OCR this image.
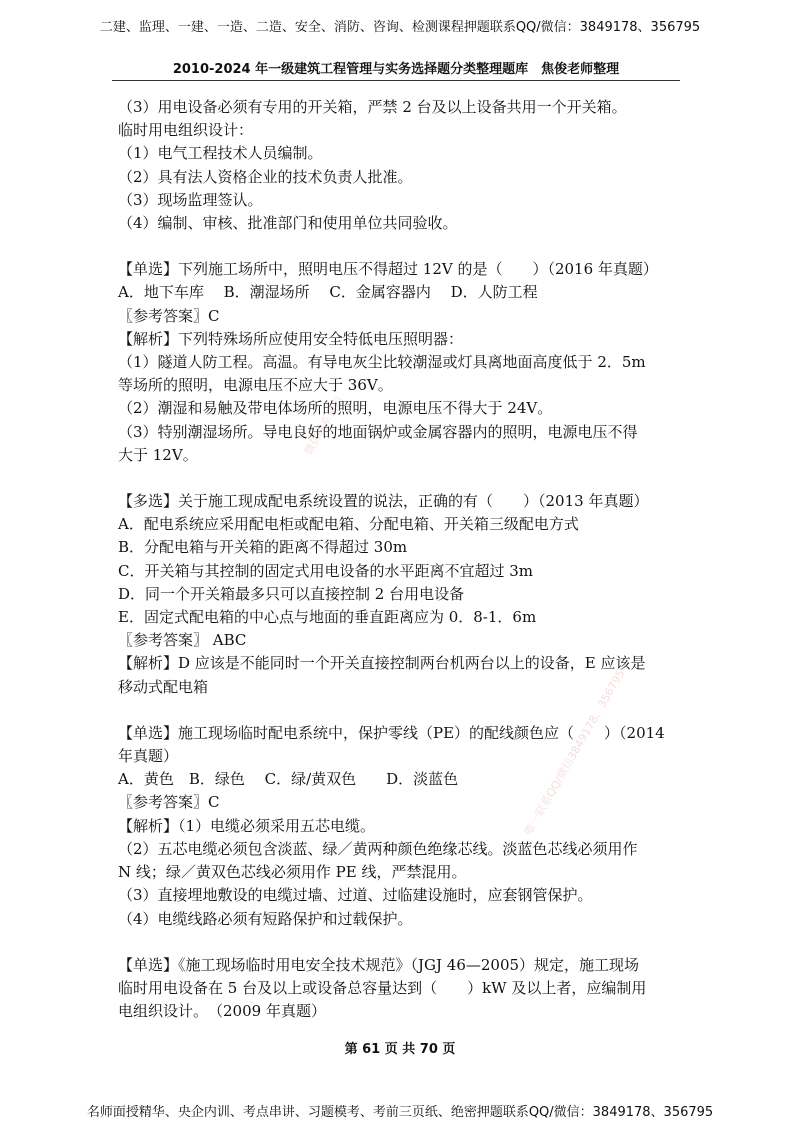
二建、监理、一建、一造、二造、安全、消防、咨询、检测课程押题联系QQ/微信：3849178、356795
2010-2024 年一级建筑工程管理与实务选择题分类整理题库　焦俊老师整理

（3）用电设备必须有专用的开关箱，严禁 2 台及以上设备共用一个开关箱。

临时用电组织设计：

（1）电气工程技术人员编制。

（2）具有法人资格企业的技术负责人批准。

（3）现场监理签认。

（4）编制、审核、批准部门和使用单位共同验收。

【单选】下列施工场所中，照明电压不得超过 12V 的是（　　）（2016 年真题）

A．地下车库　 B．潮湿场所　 C．金属容器内　 D．人防工程

〖参考答案〗C

【解析】下列特殊场所应使用安全特低电压照明器：

（1）隧道人防工程。高温。有导电灰尘比较潮湿或灯具离地面高度低于 2．5m

等场所的照明，电源电压不应大于 36V。

（2）潮湿和易触及带电体场所的照明，电源电压不得大于 24V。

（3）特别潮湿场所。导电良好的地面锅炉或金属容器内的照明，电源电压不得

大于 12V。

【多选】关于施工现成配电系统设置的说法，正确的有（　　）（2013 年真题）

A．配电系统应采用配电柜或配电箱、分配电箱、开关箱三级配电方式

B．分配电箱与开关箱的距离不得超过 30m

C．开关箱与其控制的固定式用电设备的水平距离不宜超过 3m

D．同一个开关箱最多只可以直接控制 2 台用电设备

E．固定式配电箱的中心点与地面的垂直距离应为 0．8-1．6m

〖参考答案〗 ABC

【解析】D 应该是不能同时一个开关直接控制两台机两台以上的设备，E 应该是

移动式配电箱

【单选】施工现场临时配电系统中，保护零线（PE）的配线颜色应（　　）（2014

年真题）

A．黄色　B．绿色　 C．绿/黄双色　　D．淡蓝色

〖参考答案〗C

【解析】（1）电缆必须采用五芯电缆。

（2）五芯电缆必须包含淡蓝、绿／黄两种颜色绝缘芯线。淡蓝色芯线必须用作

N 线；绿／黄双色芯线必须用作 PE 线，严禁混用。

（3）直接埋地敷设的电缆过墙、过道、过临建设施时，应套钢管保护。

（4）电缆线路必须有短路保护和过载保护。

【单选】《施工现场临时用电安全技术规范》（JGJ 46—2005）规定，施工现场

临时用电设备在 5 台及以上或设备总容量达到（　　）kW 及以上者，应编制用

电组织设计。　（2009 年真题）

微信联系微信
唯一联系QQ/微信3849178、356795
第 61 页 共 70 页
名师面授精华、央企内训、考点串讲、习题模考、考前三页纸、绝密押题联系QQ/微信：3849178、356795
